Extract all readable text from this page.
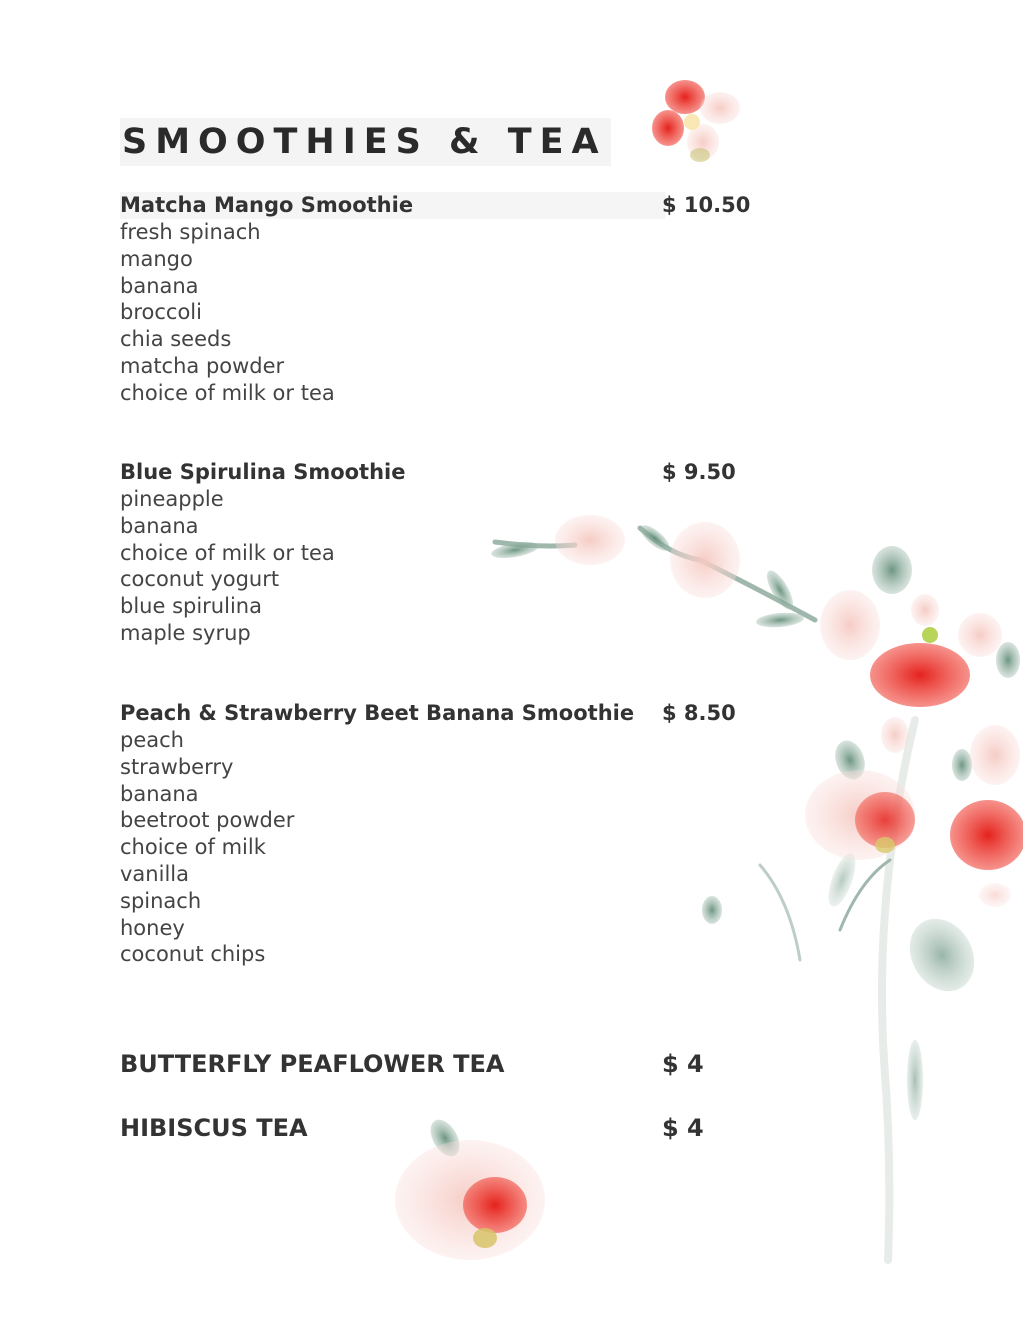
SMOOTHIES & TEA
Matcha Mango Smoothie	$ 10.50
fresh spinach
mango
banana
broccoli
chia seeds
matcha powder
choice of milk or tea
Blue Spirulina Smoothie	$ 9.50
pineapple
banana
choice of milk or tea
coconut yogurt
blue spirulina
maple syrup
Peach & Strawberry Beet Banana Smoothie $ 8.50
peach
strawberry
banana
beetroot powder
choice of milk
vanilla
spinach
honey
coconut chips
BUTTERFLY PEAFLOWER TEA	$ 4
HIBISCUS TEA	$ 4
